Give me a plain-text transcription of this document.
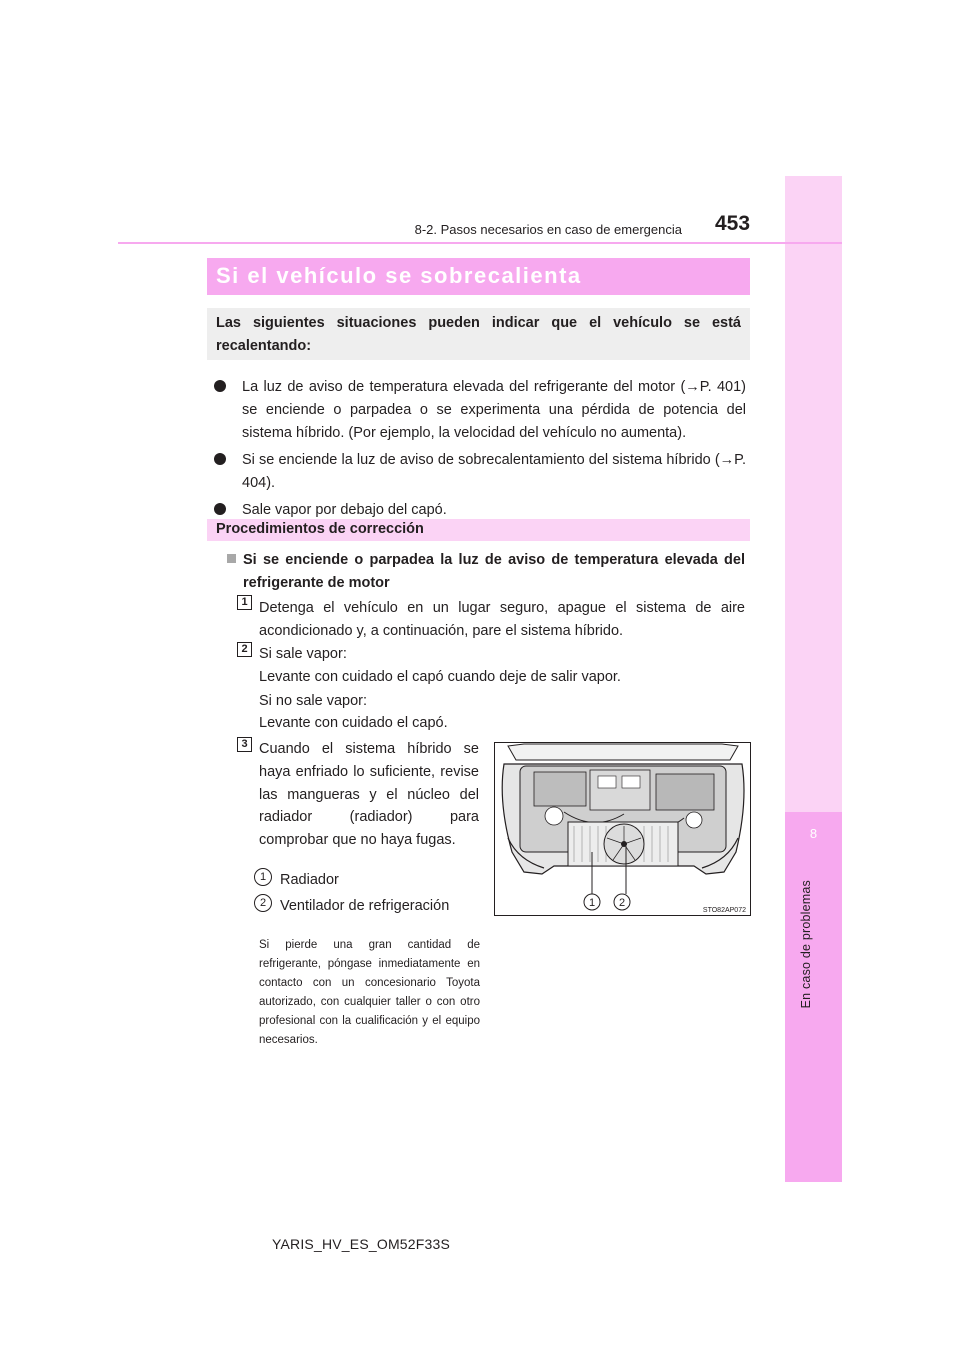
8
En caso de problemas
8-2. Pasos necesarios en caso de emergencia 453
Si el vehículo se sobrecalienta
Las siguientes situaciones pueden indicar que el vehículo se está recalentando:
La luz de aviso de temperatura elevada del refrigerante del motor (→P. 401) se enciende o parpadea o se experimenta una pérdida de potencia del sistema híbrido. (Por ejemplo, la velocidad del vehículo no aumenta).
Si se enciende la luz de aviso de sobrecalentamiento del sistema híbrido (→P. 404).
Sale vapor por debajo del capó.
Procedimientos de corrección
Si se enciende o parpadea la luz de aviso de temperatura elevada del refrigerante de motor
1 Detenga el vehículo en un lugar seguro, apague el sistema de aire acondicionado y, a continuación, pare el sistema híbrido.
2 Si sale vapor:
Levante con cuidado el capó cuando deje de salir vapor.
Si no sale vapor:
Levante con cuidado el capó.
3 Cuando el sistema híbrido se haya enfriado lo suficiente, revise las mangueras y el núcleo del radiador (radiador) para comprobar que no haya fugas.
1 Radiador
2 Ventilador de refrigeración
Si pierde una gran cantidad de refrigerante, póngase inmediatamente en contacto con un concesionario Toyota autorizado, con cualquier taller o con otro profesional con la cualificación y el equipo necesarios.
1 2
STO82AP072
YARIS_HV_ES_OM52F33S
